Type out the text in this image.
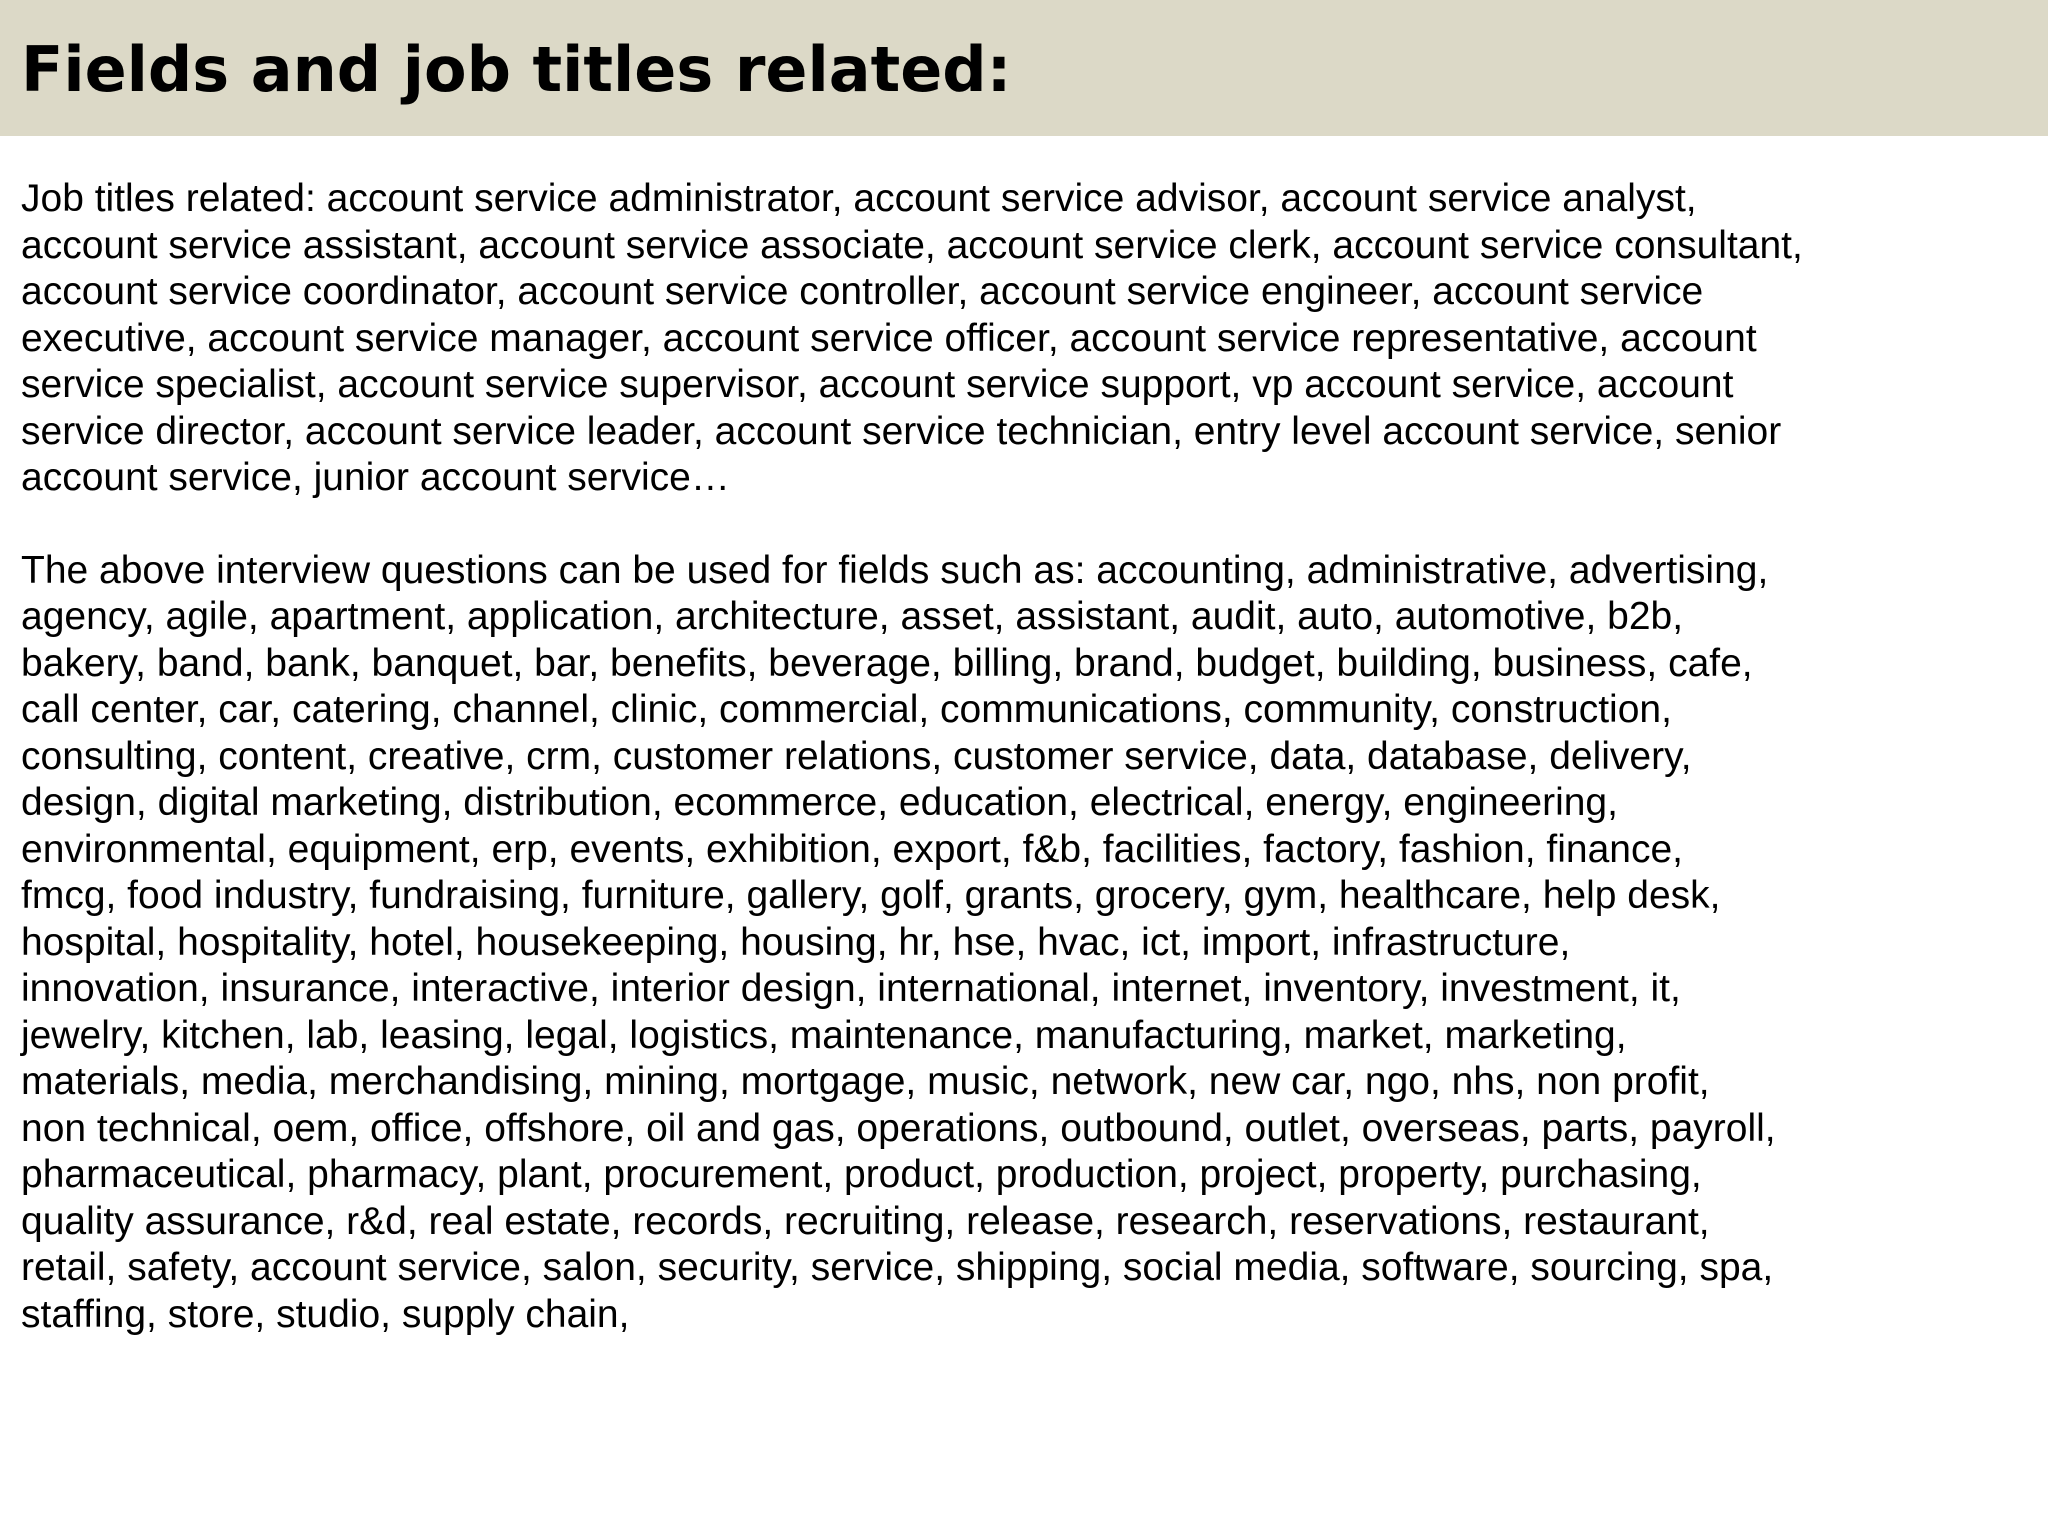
Fields and job titles related:

Job titles related: account service administrator, account service advisor, account service analyst,
account service assistant, account service associate, account service clerk, account service consultant,
account service coordinator, account service controller, account service engineer, account service
executive, account service manager, account service officer, account service representative, account
service specialist, account service supervisor, account service support, vp account service, account
service director, account service leader, account service technician, entry level account service, senior
account service, junior account service…

The above interview questions can be used for fields such as: accounting, administrative, advertising,
agency, agile, apartment, application, architecture, asset, assistant, audit, auto, automotive, b2b,
bakery, band, bank, banquet, bar, benefits, beverage, billing, brand, budget, building, business, cafe,
call center, car, catering, channel, clinic, commercial, communications, community, construction,
consulting, content, creative, crm, customer relations, customer service, data, database, delivery,
design, digital marketing, distribution, ecommerce, education, electrical, energy, engineering,
environmental, equipment, erp, events, exhibition, export, f&b, facilities, factory, fashion, finance,
fmcg, food industry, fundraising, furniture, gallery, golf, grants, grocery, gym, healthcare, help desk,
hospital, hospitality, hotel, housekeeping, housing, hr, hse, hvac, ict, import, infrastructure,
innovation, insurance, interactive, interior design, international, internet, inventory, investment, it,
jewelry, kitchen, lab, leasing, legal, logistics, maintenance, manufacturing, market, marketing,
materials, media, merchandising, mining, mortgage, music, network, new car, ngo, nhs, non profit,
non technical, oem, office, offshore, oil and gas, operations, outbound, outlet, overseas, parts, payroll,
pharmaceutical, pharmacy, plant, procurement, product, production, project, property, purchasing,
quality assurance, r&d, real estate, records, recruiting, release, research, reservations, restaurant,
retail, safety, account service, salon, security, service, shipping, social media, software, sourcing, spa,
staffing, store, studio, supply chain,
